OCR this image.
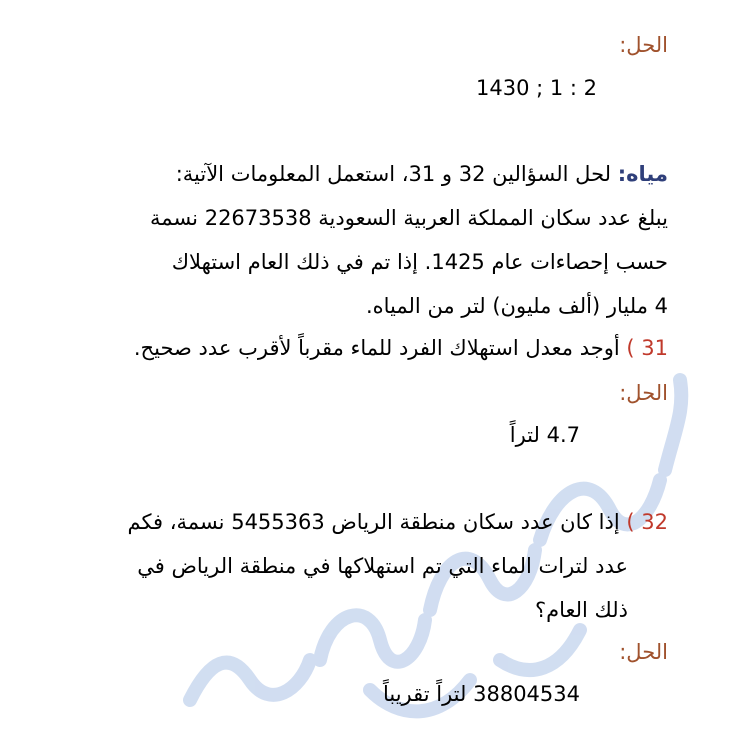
الحل:
1430 ; 1 : 2
مياه: لحل السؤالين 32 و 31، استعمل المعلومات الآتية:
يبلغ عدد سكان المملكة العربية السعودية 22673538 نسمة
حسب إحصاءات عام 1425. إذا تم في ذلك العام استهلاك
4 مليار (ألف مليون) لتر من المياه.
31 ) أوجد معدل استهلاك الفرد للماء مقرباً لأقرب عدد صحيح.
الحل:
4.7 لتراً
32 ) إذا كان عدد سكان منطقة الرياض 5455363 نسمة، فكم
عدد لترات الماء التي تم استهلاكها في منطقة الرياض في
ذلك العام؟
الحل:
38804534 لتراً تقريباً
